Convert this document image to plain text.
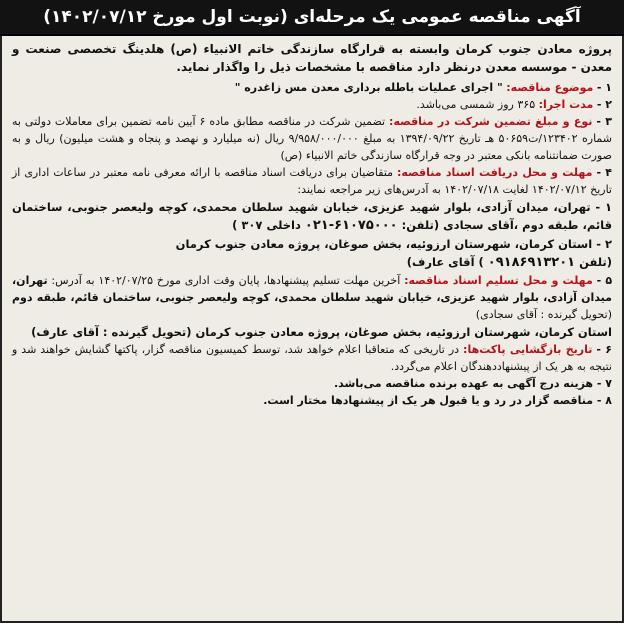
آگهی مناقصه عمومی یک مرحله‌ای (نوبت اول مورخ ۱۴۰۲/۰۷/۱۲)

پروژه معادن جنوب کرمان وابسته به قرارگاه سازندگی خاتم الانبیاء (ص) هلدینگ تخصصی صنعت و معدن - موسسه معدن درنظر دارد مناقصه با مشخصات ذیل را واگذار نماید.

۱ - موضوع مناقصه: " اجرای عملیات باطله برداری معدن مس زاغدره "

۲ - مدت اجرا: ۳۶۵ روز شمسی می‌باشد.

۳ - نوع و مبلغ تضمین شرکت در مناقصه: تضمین شرکت در مناقصه مطابق ماده ۶ آیین نامه تضمین برای معاملات دولتی به شماره ۱۲۳۴۰۲/ت۵۰۶۵۹ هـ تاریخ ۱۳۹۴/۰۹/۲۲ به مبلغ ۹/۹۵۸/۰۰۰/۰۰۰ ریال (نه میلیارد و نهصد و پنجاه و هشت میلیون) ریال و به صورت ضمانتنامه بانکی معتبر در وجه قرارگاه سازندگی خاتم الانبیاء (ص)

۴ - مهلت و محل دریافت اسناد مناقصه: متقاضیان برای دریافت اسناد مناقصه با ارائه معرفی نامه معتبر در ساعات اداری از تاریخ ۱۴۰۲/۰۷/۱۲ لغایت ۱۴۰۲/۰۷/۱۸ به آدرس‌های زیر مراجعه نمایند:

۱ - تهران، میدان آزادی، بلوار شهید عزیزی، خیابان شهید سلطان محمدی، کوچه ولیعصر جنوبی، ساختمان قائم، طبقه دوم ،آقای سجادی (تلفن: ۰۲۱-۶۱۰۷۵۰۰۰ داخلی ۳۰۷ )

۲ - استان کرمان، شهرستان ارزوئیه، بخش صوغان، پروژه معادن جنوب کرمان
(تلفن ۰۹۱۸۶۹۱۳۲۰۱ ) آقای عارف)

۵ - مهلت و محل تسلیم اسناد مناقصه: آخرین مهلت تسلیم پیشنهادها، پایان وقت اداری مورخ ۱۴۰۲/۰۷/۲۵ به آدرس: تهران، میدان آزادی، بلوار شهید عزیزی، خیابان شهید سلطان محمدی، کوچه ولیعصر جنوبی، ساختمان قائم، طبقه دوم (تحویل گیرنده : آقای سجادی)

استان کرمان، شهرستان ارزوئیه، بخش صوغان، پروژه معادن جنوب کرمان (تحویل گیرنده : آقای عارف)

۶ - تاریخ بازگشایی پاکت‌ها: در تاریخی که متعاقبا اعلام خواهد شد، توسط کمیسیون مناقصه گزار، پاکتها گشایش خواهند شد و نتیجه به هر یک از پیشنهاددهندگان اعلام می‌گردد.

۷ - هزینه درج آگهی به عهده برنده مناقصه می‌باشد.

۸ - مناقصه گزار در رد و یا قبول هر یک از پیشنهادها مختار است.
